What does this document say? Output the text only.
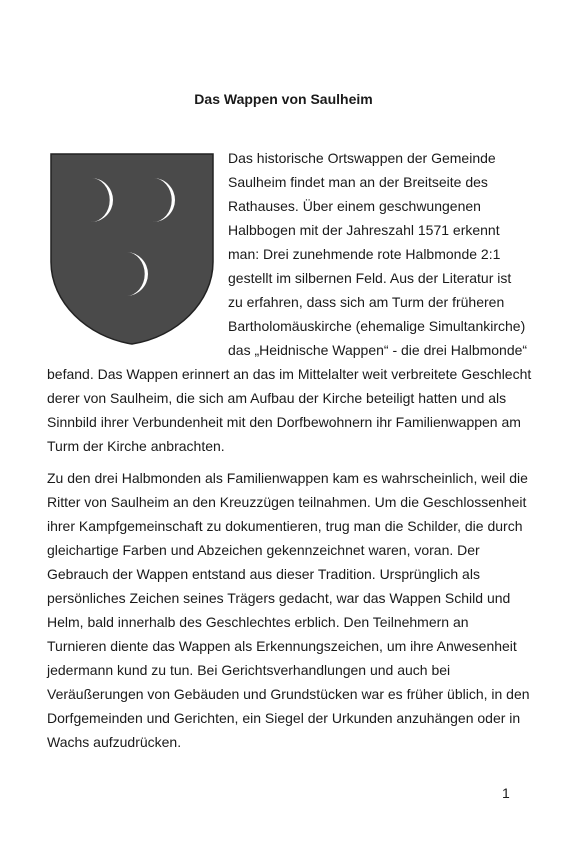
Das Wappen von Saulheim

Das historische Ortswappen der Gemeinde

Saulheim findet man an der Breitseite des

Rathauses. Über einem geschwungenen

Halbbogen mit der Jahreszahl 1571 erkennt

man: Drei zunehmende rote Halbmonde 2:1

gestellt im silbernen Feld. Aus der Literatur ist

zu erfahren, dass sich am Turm der früheren

Bartholomäuskirche (ehemalige Simultankirche)

das „Heidnische Wappen“ - die drei Halbmonde“

befand. Das Wappen erinnert an das im Mittelalter weit verbreitete Geschlecht

derer von Saulheim, die sich am Aufbau der Kirche beteiligt hatten und als

Sinnbild ihrer Verbundenheit mit den Dorfbewohnern ihr Familienwappen am

Turm der Kirche anbrachten.

Zu den drei Halbmonden als Familienwappen kam es wahrscheinlich, weil die

Ritter von Saulheim an den Kreuzzügen teilnahmen. Um die Geschlossenheit

ihrer Kampfgemeinschaft zu dokumentieren, trug man die Schilder, die durch

gleichartige Farben und Abzeichen gekennzeichnet waren, voran. Der

Gebrauch der Wappen entstand aus dieser Tradition. Ursprünglich als

persönliches Zeichen seines Trägers gedacht, war das Wappen Schild und

Helm, bald innerhalb des Geschlechtes erblich. Den Teilnehmern an

Turnieren diente das Wappen als Erkennungszeichen, um ihre Anwesenheit

jedermann kund zu tun. Bei Gerichtsverhandlungen und auch bei

Veräußerungen von Gebäuden und Grundstücken war es früher üblich, in den

Dorfgemeinden und Gerichten, ein Siegel der Urkunden anzuhängen oder in

Wachs aufzudrücken.

1
